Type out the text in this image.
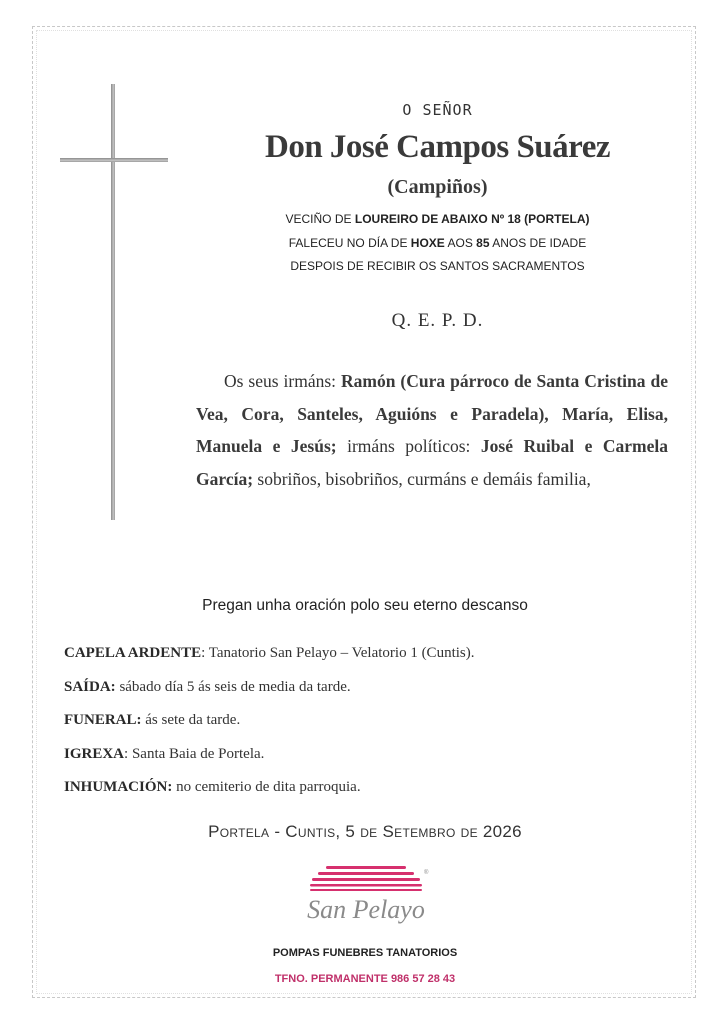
O SEÑOR
Don José Campos Suárez
(Campiños)
VECIÑO DE LOUREIRO DE ABAIXO Nº 18 (PORTELA)
FALECEU NO DÍA DE HOXE AOS 85 ANOS DE IDADE
DESPOIS DE RECIBIR OS SANTOS SACRAMENTOS
Q. E. P. D.
Os seus irmáns: Ramón (Cura párroco de Santa Cristina de Vea, Cora, Santeles, Aguións e Paradela), María, Elisa, Manuela e Jesús; irmáns políticos: José Ruibal e Carmela García; sobriños, bisobriños, curmáns e demáis familia,
Pregan unha oración polo seu eterno descanso
CAPELA ARDENTE: Tanatorio San Pelayo – Velatorio 1 (Cuntis).
SAÍDA: sábado día 5 ás seis de media da tarde.
FUNERAL: ás sete da tarde.
IGREXA: Santa Baia de Portela.
INHUMACIÓN: no cemiterio de dita parroquia.
Portela - Cuntis, 5 de Setembro de 2026
San Pelayo
®
POMPAS FUNEBRES TANATORIOS
TFNO. PERMANENTE 986 57 28 43
